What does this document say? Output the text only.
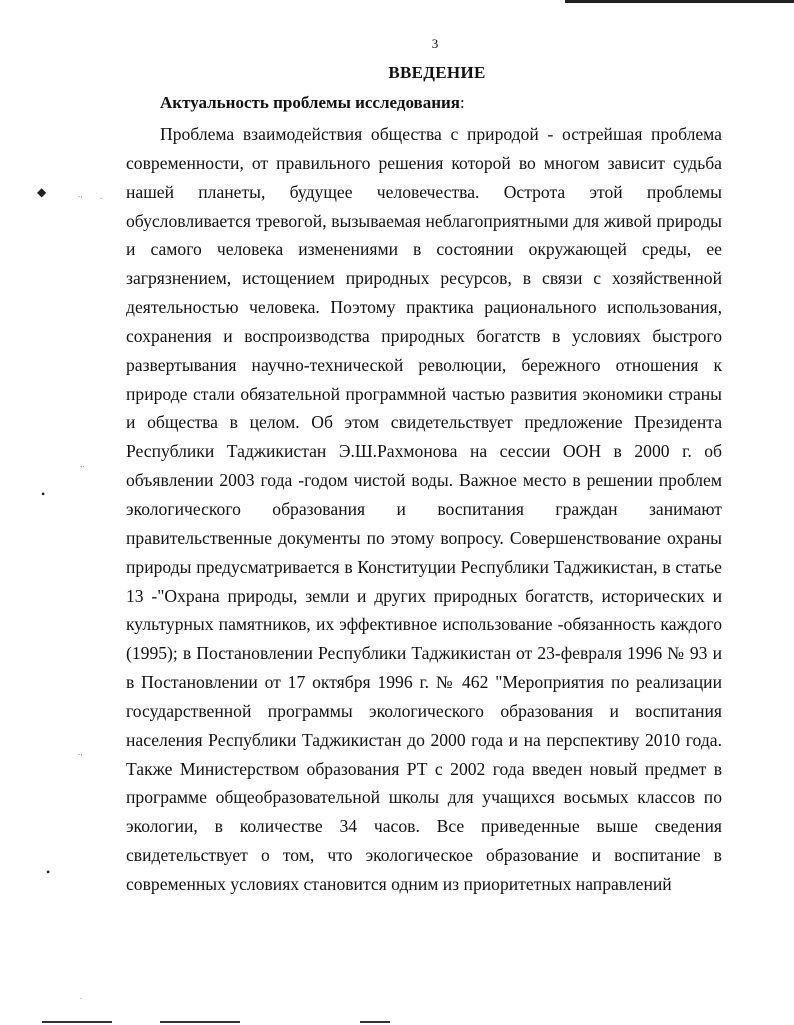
3
ВВЕДЕНИЕ
Актуальность проблемы исследования:

Проблема взаимодействия общества с природой - острейшая проблема современности, от правильного решения которой во многом зависит судьба нашей планеты, будущее человечества. Острота этой проблемы обусловливается тревогой, вызываемая неблагоприятными для живой природы и самого человека изменениями в состоянии окружающей среды, ее загрязнением, истощением природных ресурсов, в связи с хозяйственной деятельностью человека. Поэтому практика рационального использования, сохранения и воспроизводства природных богатств в условиях быстрого развертывания научно-технической революции, бережного отношения к природе стали обязательной программной частью развития экономики страны и общества в целом. Об этом свидетельствует предложение Президента Республики Таджикистан Э.Ш.Рахмонова на сессии ООН в 2000 г. об объявлении 2003 года -годом чистой воды. Важное место в решении проблем экологического образования и воспитания граждан занимают правительственные документы по этому вопросу. Совершенствование охраны природы предусматривается в Конституции Республики Таджикистан, в статье 13 -"Охрана природы, земли и других природных богатств, исторических и культурных памятников, их эффективное использование -обязанность каждого (1995); в Постановлении Республики Таджикистан от 23-февраля 1996 № 93 и в Постановлении от 17 октября 1996 г. № 462 "Мероприятия по реализации государственной программы экологического образования и воспитания населения Республики Таджикистан до 2000 года и на перспективу 2010 года. Также Министерством образования РТ с 2002 года введен новый предмет в программе общеобразовательной школы для учащихся восьмых классов по экологии, в количестве 34 часов. Все приведенные выше сведения свидетельствует о том, что экологическое образование и воспитание в современных условиях становится одним из приоритетных направлений

◆	., .
,.
•
.,
•
.
